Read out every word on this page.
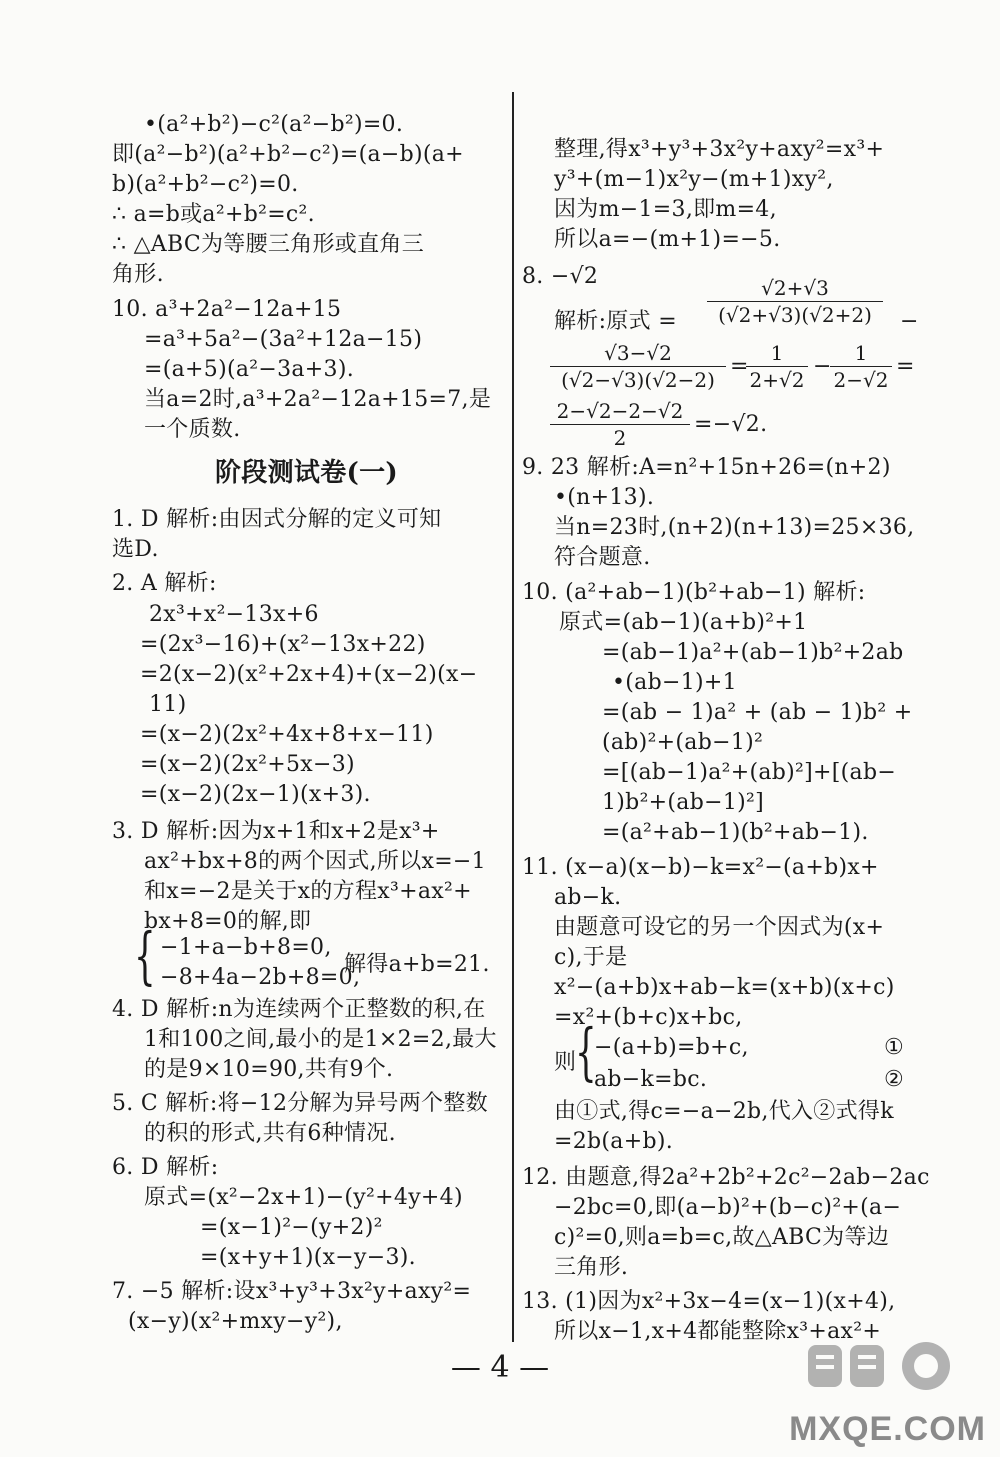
•(a²+b²)−c²(a²−b²)=0.
即(a²−b²)(a²+b²−c²)=(a−b)(a+
b)(a²+b²−c²)=0.
∴ a=b或a²+b²=c².
∴ △ABC为等腰三角形或直角三
角形.
10. a³+2a²−12a+15
=a³+5a²−(3a²+12a−15)
=(a+5)(a²−3a+3).
当a=2时,a³+2a²−12a+15=7,是
一个质数.
阶段测试卷(一)
1. D 解析:由因式分解的定义可知
选D.
2. A 解析:
2x³+x²−13x+6
=(2x³−16)+(x²−13x+22)
=2(x−2)(x²+2x+4)+(x−2)(x−
11)
=(x−2)(2x²+4x+8+x−11)
=(x−2)(2x²+5x−3)
=(x−2)(2x−1)(x+3).
3. D 解析:因为x+1和x+2是x³+
ax²+bx+8的两个因式,所以x=−1
和x=−2是关于x的方程x³+ax²+
bx+8=0的解,即
{ −1+a−b+8=0,
−8+4a−2b+8=0,
解得a+b=21.
4. D 解析:n为连续两个正整数的积,在
1和100之间,最小的是1×2=2,最大
的是9×10=90,共有9个.
5. C 解析:将−12分解为异号两个整数
的积的形式,共有6种情况.
6. D 解析:
原式=(x²−2x+1)−(y²+4y+4)
=(x−1)²−(y+2)²
=(x+y+1)(x−y−3).
7. −5 解析:设x³+y³+3x²y+axy²=
(x−y)(x²+mxy−y²),
整理,得x³+y³+3x²y+axy²=x³+
y³+(m−1)x²y−(m+1)xy²,
因为m−1=3,即m=4,
所以a=−(m+1)=−5.
8. −√2
解析:原式 = $\frac{√2+√3}{(√2+√3)(√2+2)}$ −
$\frac{√3-√2}{(√2-√3)(√2-2)}$ =
$\frac{1}{2+√2}$ −
$\frac{1}{2-√2}$ =
$\frac{2-√2-2-√2}{2} =-√2$.
9. 23 解析:A=n²+15n+26=(n+2)
•(n+13).
当n=23时,(n+2)(n+13)=25×36,
符合题意.
10. (a²+ab−1)(b²+ab−1) 解析:
原式=(ab−1)(a+b)²+1
=(ab−1)a²+(ab−1)b²+2ab
•(ab−1)+1
=(ab − 1)a² + (ab − 1)b² +
(ab)²+(ab−1)²
=[(ab−1)a²+(ab)²]+[(ab−
1)b²+(ab−1)²]
=(a²+ab−1)(b²+ab−1).
11. (x−a)(x−b)−k=x²−(a+b)x+
ab−k.
由题意可设它的另一个因式为(x+
c),于是
x²−(a+b)x+ab−k=(x+b)(x+c)
=x²+(b+c)x+bc,
则
{
−(a+b)=b+c,
ab−k=bc.
①
②
由①式,得c=−a−2b,代入②式得k
=2b(a+b).
12. 由题意,得2a²+2b²+2c²−2ab−2ac
−2bc=0,即(a−b)²+(b−c)²+(a−
c)²=0,则a=b=c,故△ABC为等边
三角形.
13. (1)因为x²+3x−4=(x−1)(x+4),
所以x−1,x+4都能整除x³+ax²+
— 4 —
MXQE.COM
